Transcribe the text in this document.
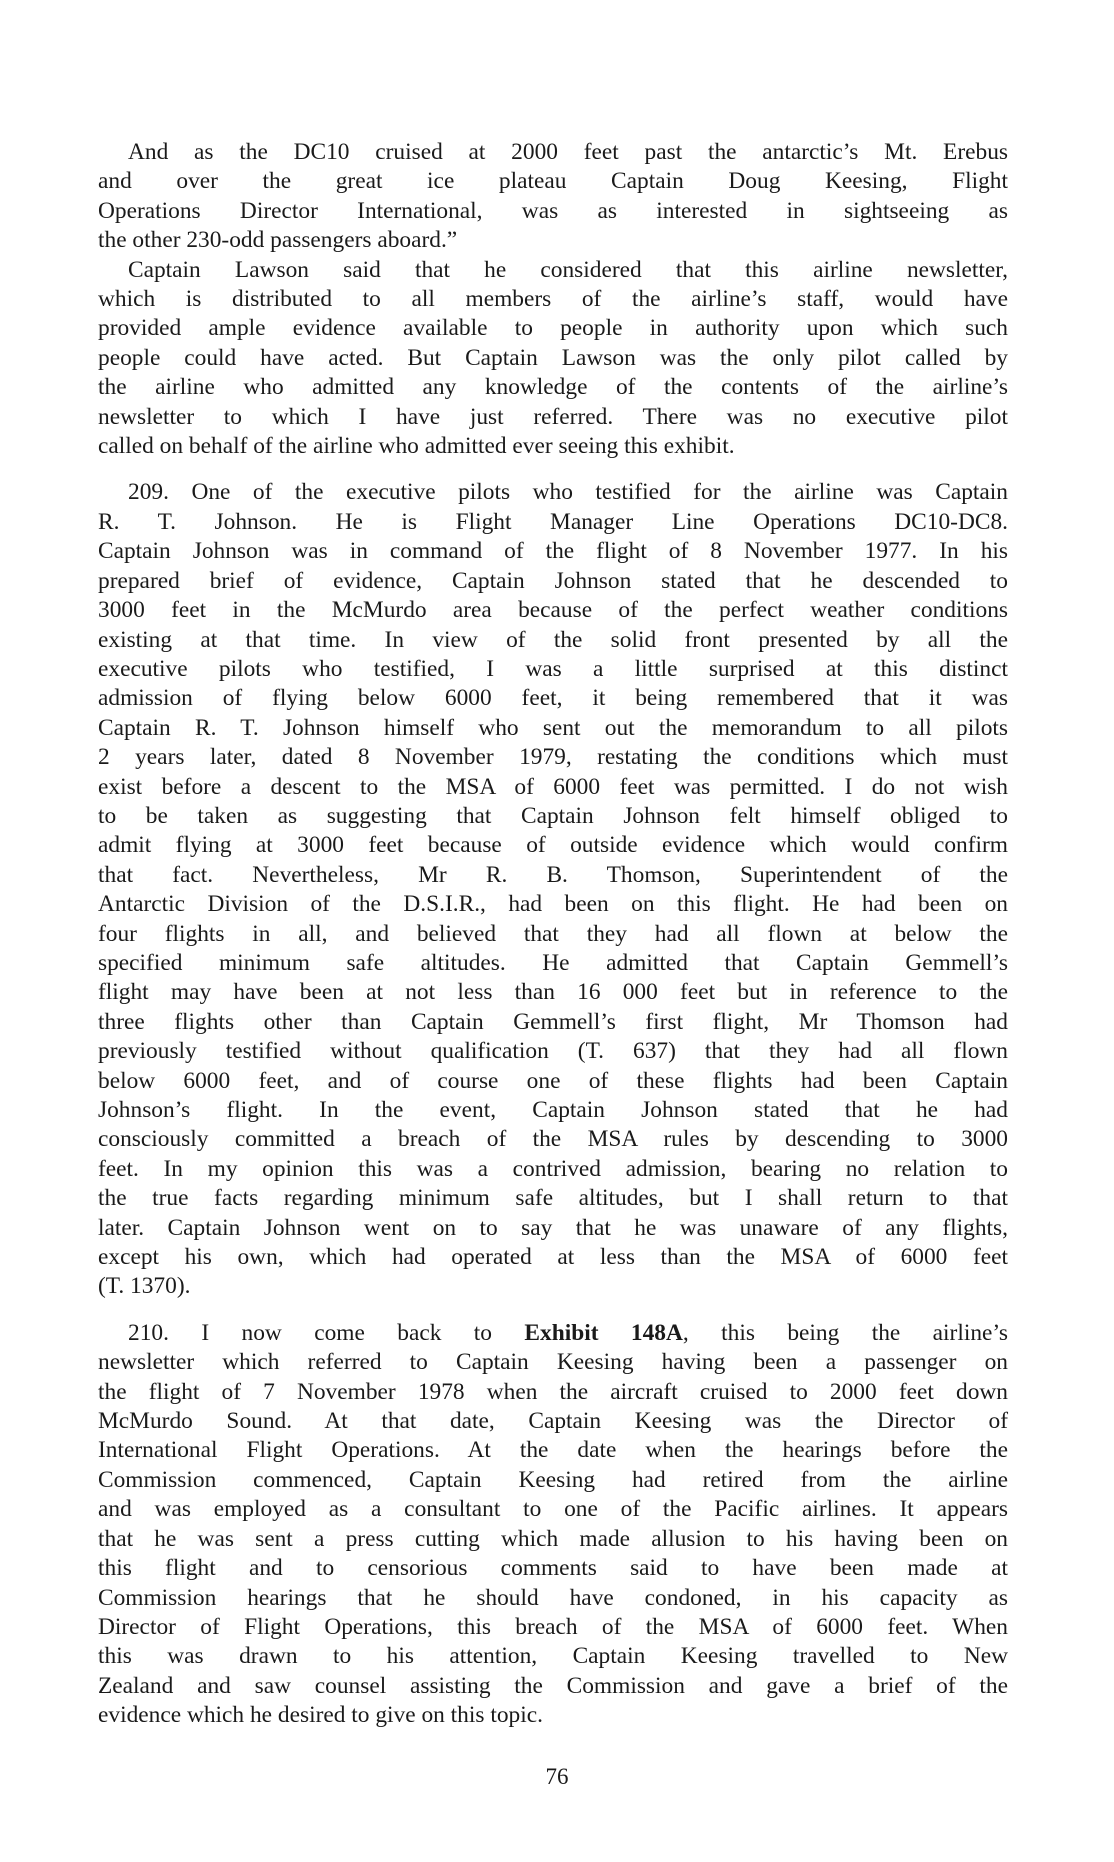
And as the DC10 cruised at 2000 feet past the antarctic’s Mt. Erebus
and over the great ice plateau Captain Doug Keesing, Flight
Operations Director International, was as interested in sightseeing as
the other 230-odd passengers aboard.”
Captain Lawson said that he considered that this airline newsletter,
which is distributed to all members of the airline’s staff, would have
provided ample evidence available to people in authority upon which such
people could have acted. But Captain Lawson was the only pilot called by
the airline who admitted any knowledge of the contents of the airline’s
newsletter to which I have just referred. There was no executive pilot
called on behalf of the airline who admitted ever seeing this exhibit.
209. One of the executive pilots who testified for the airline was Captain
R. T. Johnson. He is Flight Manager Line Operations DC10-DC8.
Captain Johnson was in command of the flight of 8 November 1977. In his
prepared brief of evidence, Captain Johnson stated that he descended to
3000 feet in the McMurdo area because of the perfect weather conditions
existing at that time. In view of the solid front presented by all the
executive pilots who testified, I was a little surprised at this distinct
admission of flying below 6000 feet, it being remembered that it was
Captain R. T. Johnson himself who sent out the memorandum to all pilots
2 years later, dated 8 November 1979, restating the conditions which must
exist before a descent to the MSA of 6000 feet was permitted. I do not wish
to be taken as suggesting that Captain Johnson felt himself obliged to
admit flying at 3000 feet because of outside evidence which would confirm
that fact. Nevertheless, Mr R. B. Thomson, Superintendent of the
Antarctic Division of the D.S.I.R., had been on this flight. He had been on
four flights in all, and believed that they had all flown at below the
specified minimum safe altitudes. He admitted that Captain Gemmell’s
flight may have been at not less than 16 000 feet but in reference to the
three flights other than Captain Gemmell’s first flight, Mr Thomson had
previously testified without qualification (T. 637) that they had all flown
below 6000 feet, and of course one of these flights had been Captain
Johnson’s flight. In the event, Captain Johnson stated that he had
consciously committed a breach of the MSA rules by descending to 3000
feet. In my opinion this was a contrived admission, bearing no relation to
the true facts regarding minimum safe altitudes, but I shall return to that
later. Captain Johnson went on to say that he was unaware of any flights,
except his own, which had operated at less than the MSA of 6000 feet
(T. 1370).
210. I now come back to Exhibit 148A, this being the airline’s
newsletter which referred to Captain Keesing having been a passenger on
the flight of 7 November 1978 when the aircraft cruised to 2000 feet down
McMurdo Sound. At that date, Captain Keesing was the Director of
International Flight Operations. At the date when the hearings before the
Commission commenced, Captain Keesing had retired from the airline
and was employed as a consultant to one of the Pacific airlines. It appears
that he was sent a press cutting which made allusion to his having been on
this flight and to censorious comments said to have been made at
Commission hearings that he should have condoned, in his capacity as
Director of Flight Operations, this breach of the MSA of 6000 feet. When
this was drawn to his attention, Captain Keesing travelled to New
Zealand and saw counsel assisting the Commission and gave a brief of the
evidence which he desired to give on this topic.
76
